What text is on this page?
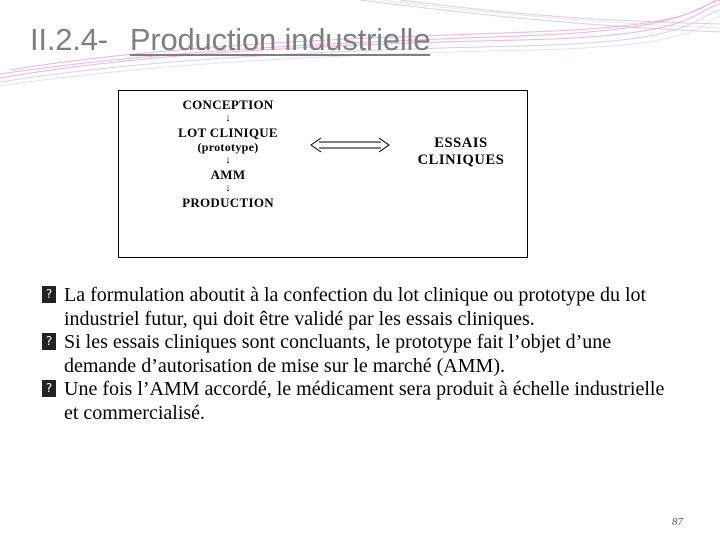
II.2.4- Production industrielle
CONCEPTION
↓
LOT CLINIQUE
(prototype)
↓
AMM
↓
PRODUCTION
ESSAIS
CLINIQUES
? La formulation aboutit à la confection du lot clinique ou prototype du lot industriel futur, qui doit être validé par les essais cliniques.
? Si les essais cliniques sont concluants, le prototype fait l’objet d’une demande d’autorisation de mise sur le marché (AMM).
? Une fois l’AMM accordé, le médicament sera produit à échelle industrielle et commercialisé.
87
